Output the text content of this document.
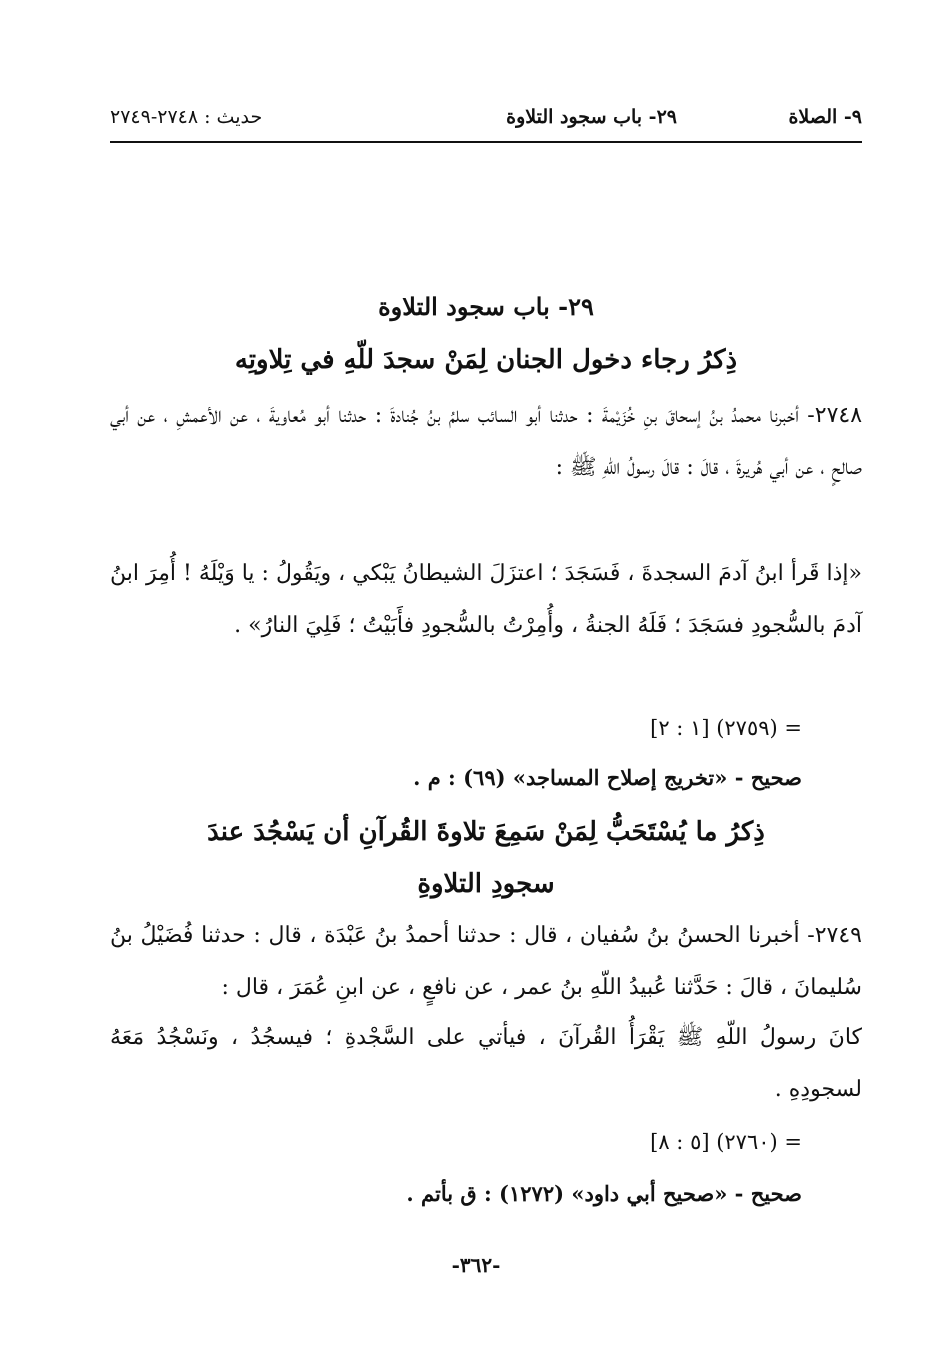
٩- الصلاة
٢٩- باب سجود التلاوة
حديث : ٢٧٤٨-٢٧٤٩
٢٩- باب سجود التلاوة
ذِكرُ رجاء دخول الجنان لِمَنْ سجدَ للّهِ في تِلاوتِه
٢٧٤٨- أخبرنا محمدُ بنُ إسحاقَ بنِ خُزَيْمةَ : حدثنا أبو السائب سلمُ بنُ جُنادةَ : حدثنا أبو مُعاويةَ ، عن الأعمشِ ، عن أبي صالحٍ ، عن أبي هُريرةَ ، قالَ : قالَ رسولُ اللّهِ ﷺ :
«إذا قَرأ ابنُ آدمَ السجدةَ ، فَسَجَدَ ؛ اعتزَلَ الشيطانُ يَبْكي ، ويَقُولُ : يا وَيْلَهُ ! أُمِرَ ابنُ آدمَ بالسُّجودِ فسَجَدَ ؛ فَلَهُ الجنةُ ، وأُمِرْتُ بالسُّجودِ فأَبَيْتُ ؛ فَلِيَ النارُ» .
= (٢٧٥٩) [١ : ٢]
صحيح - «تخريج إصلاح المساجد» (٦٩) : م .
ذِكرُ ما يُسْتَحَبُّ لِمَنْ سَمِعَ تلاوةَ القُرآنِ أن يَسْجُدَ عندَ سجودِ التلاوةِ
٢٧٤٩- أخبرنا الحسنُ بنُ سُفيان ، قال : حدثنا أحمدُ بنُ عَبْدَة ، قال : حدثنا فُضَيْلُ بنُ سُليمانَ ، قالَ : حَدَّثنا عُبيدُ اللّهِ بنُ عمر ، عن نافعٍ ، عن ابنِ عُمَرَ ، قال :
كانَ رسولُ اللّهِ ﷺ يَقْرَأُ القُرآنَ ، فيأتي على السَّجْدةِ ؛ فيسجُدُ ، ونَسْجُدُ مَعَهُ لسجودِهِ .
= (٢٧٦٠) [٥ : ٨]
صحيح - «صحيح أبي داود» (١٢٧٢) : ق بأتم .
-٣٦٢-
